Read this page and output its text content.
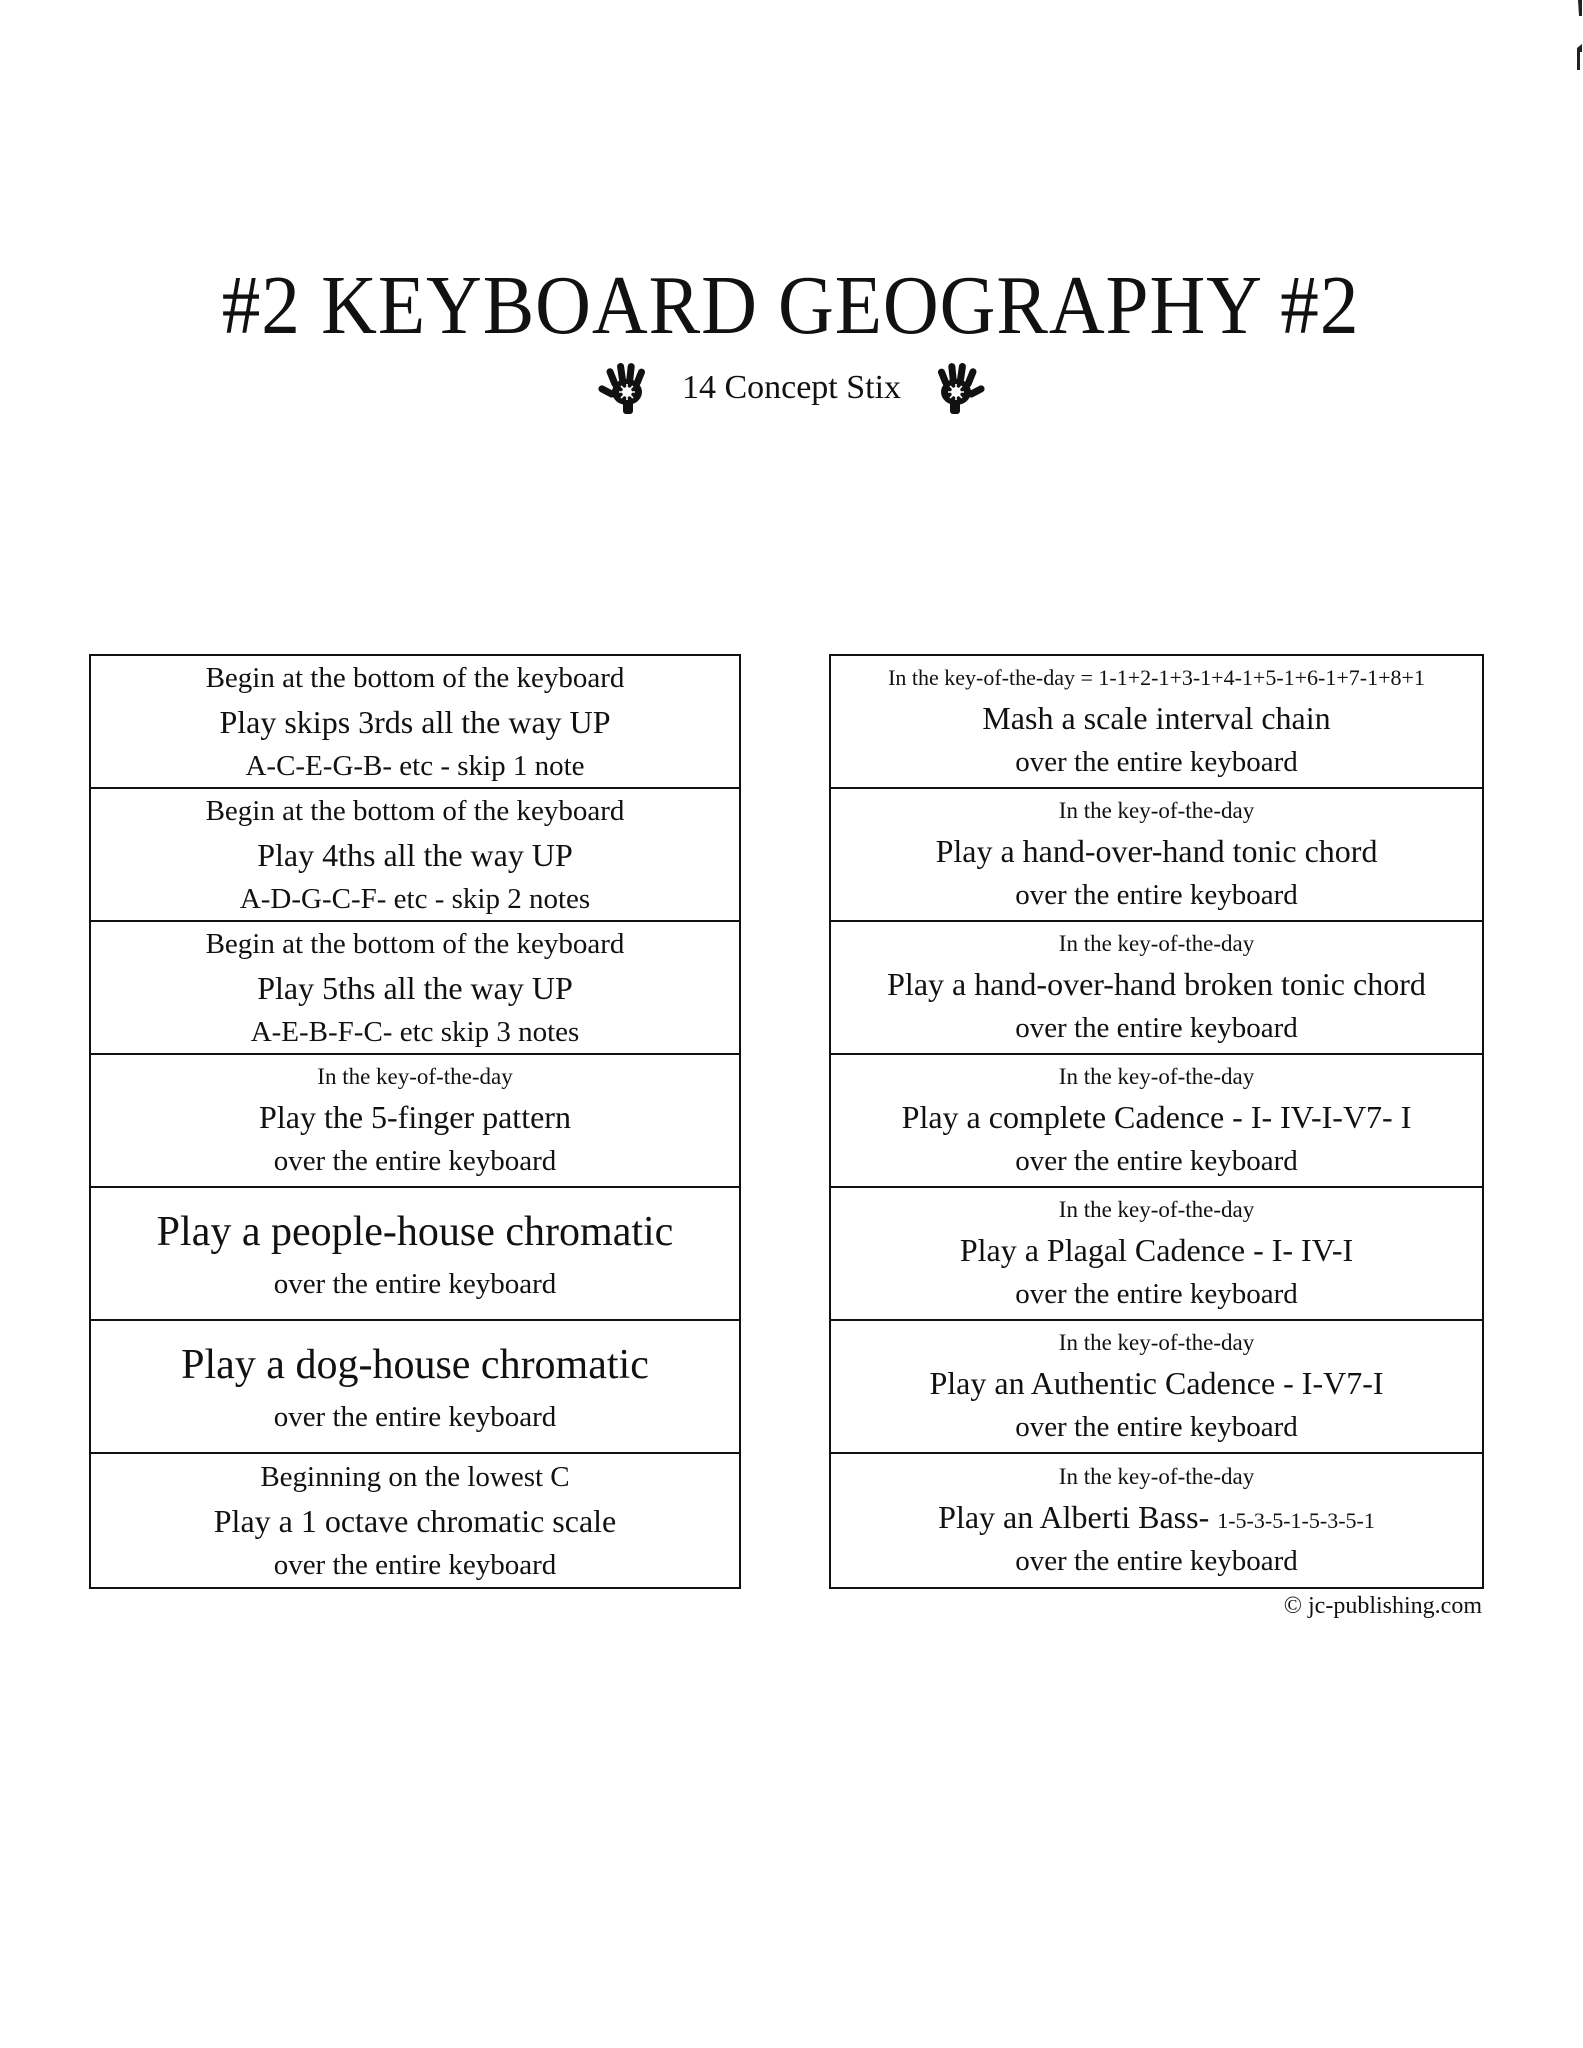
#2 KEYBOARD GEOGRAPHY #2
14 Concept Stix
Begin at the bottom of the keyboard
Play skips 3rds all the way UP
A-C-E-G-B- etc - skip 1 note
Begin at the bottom of the keyboard
Play 4ths all the way UP
A-D-G-C-F- etc - skip 2 notes
Begin at the bottom of the keyboard
Play 5ths all the way UP
A-E-B-F-C- etc skip 3 notes
In the key-of-the-day
Play the 5-finger pattern
over the entire keyboard
Play a people-house chromatic
over the entire keyboard
Play a dog-house chromatic
over the entire keyboard
Beginning on the lowest C
Play a 1 octave chromatic scale
over the entire keyboard
In the key-of-the-day = 1-1+2-1+3-1+4-1+5-1+6-1+7-1+8+1
Mash a scale interval chain
over the entire keyboard
In the key-of-the-day
Play a hand-over-hand tonic chord
over the entire keyboard
In the key-of-the-day
Play a hand-over-hand broken tonic chord
over the entire keyboard
In the key-of-the-day
Play a complete Cadence - I- IV-I-V7- I
over the entire keyboard
In the key-of-the-day
Play a Plagal Cadence - I- IV-I
over the entire keyboard
In the key-of-the-day
Play an Authentic Cadence - I-V7-I
over the entire keyboard
In the key-of-the-day
Play an Alberti Bass- 1-5-3-5-1-5-3-5-1
over the entire keyboard
© jc-publishing.com
